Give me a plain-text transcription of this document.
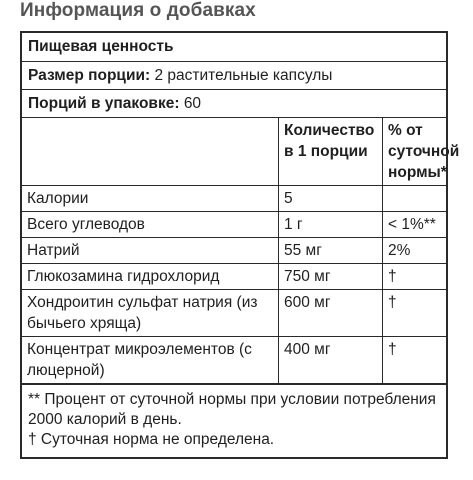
Информация о добавках
Пищевая ценность
Размер порции: 2 растительные капсулы
Порций в упаковке: 60
	Количество в 1 порции	% от суточной нормы*
Калории	5	
Всего углеводов	1 г	< 1%**
Натрий	55 мг	2%
Глюкозамина гидрохлорид	750 мг	†
Хондроитин сульфат натрия (из бычьего хряща)	600 мг	†
Концентрат микроэлементов (с люцерной)	400 мг	†
** Процент от суточной нормы при условии потребления 2000 калорий в день.
† Суточная норма не определена.
